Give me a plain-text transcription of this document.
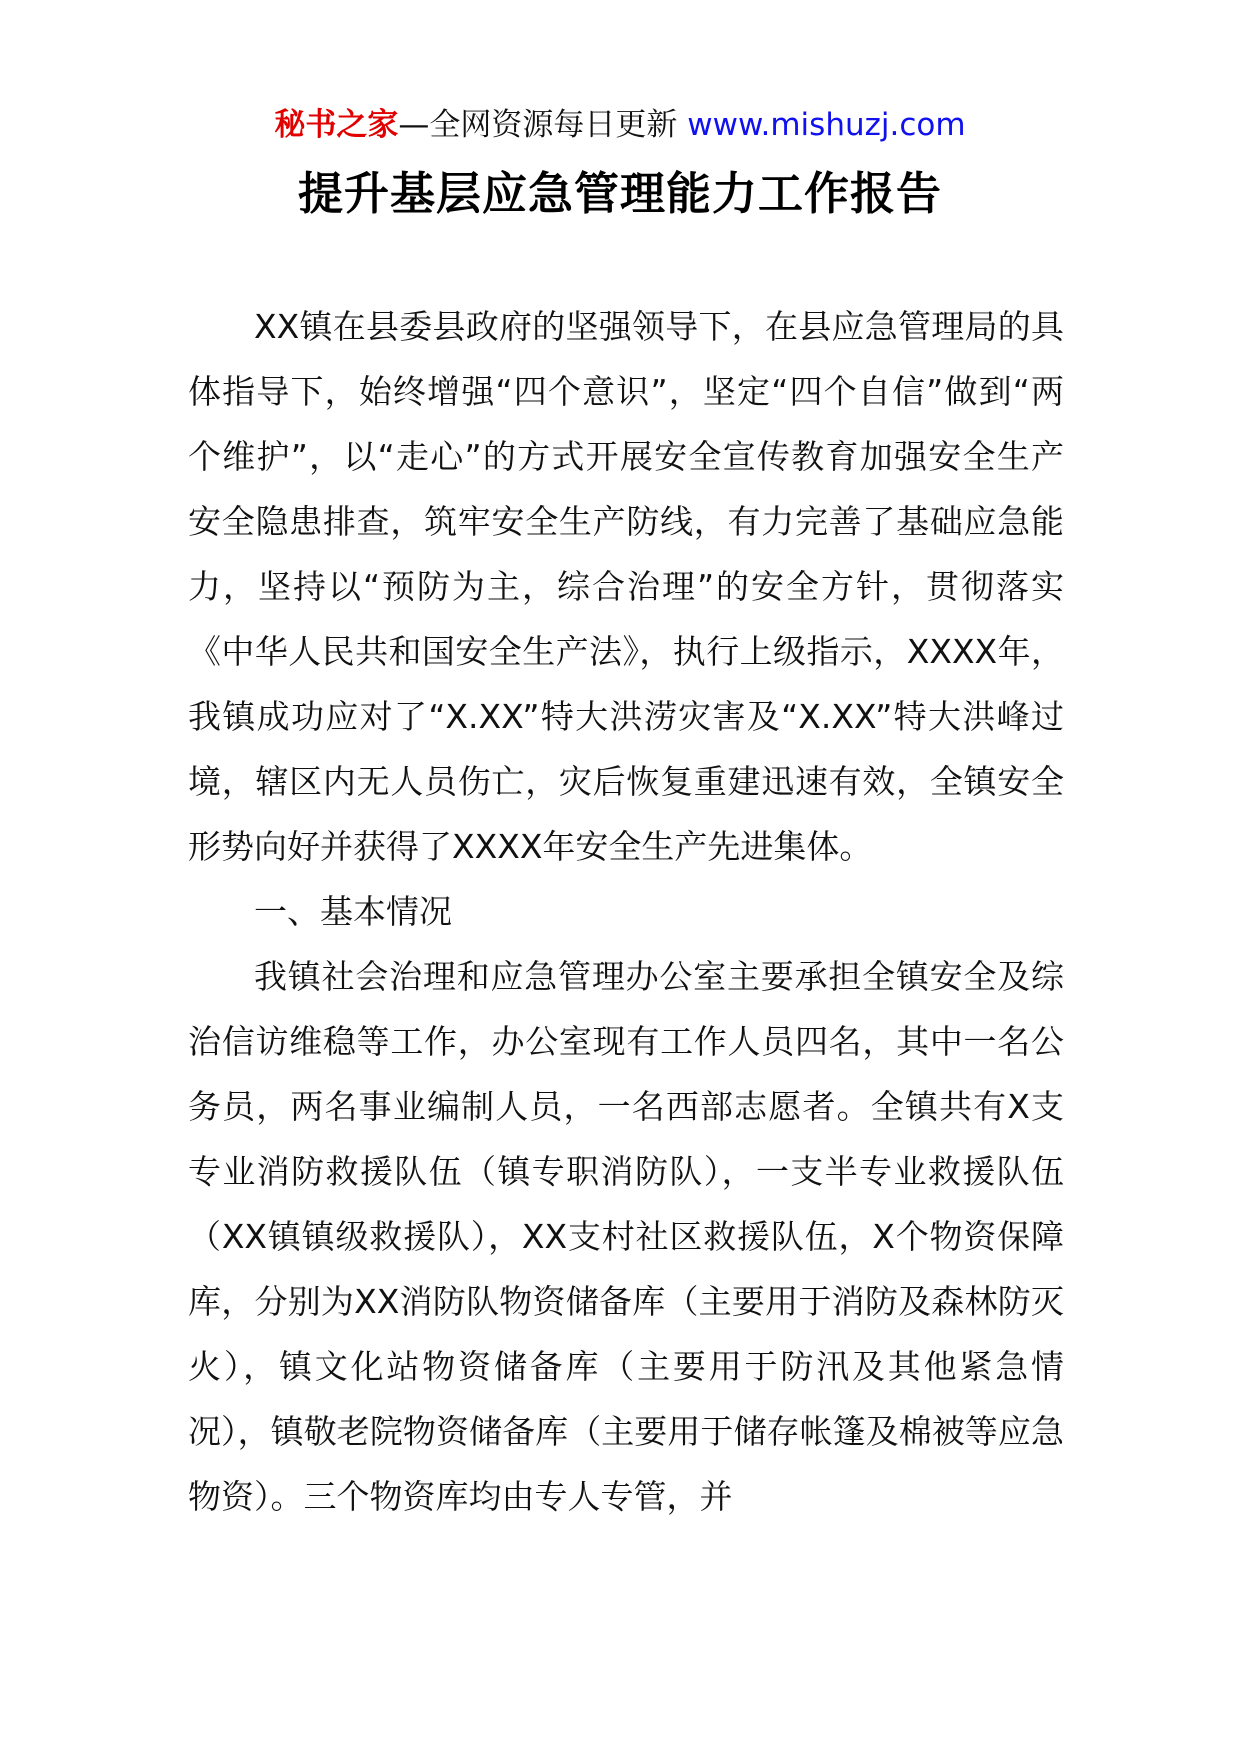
秘书之家—全网资源每日更新 www.mishuzj.com
提升基层应急管理能力工作报告

XX镇在县委县政府的坚强领导下，在县应急管理局的具体指导下，始终增强“四个意识”，坚定“四个自信”做到“两个维护”，以“走心”的方式开展安全宣传教育加强安全生产安全隐患排查，筑牢安全生产防线，有力完善了基础应急能力，坚持以“预防为主，综合治理”的安全方针，贯彻落实《中华人民共和国安全生产法》，执行上级指示，XXXX年，我镇成功应对了“X.XX”特大洪涝灾害及“X.XX”特大洪峰过境，辖区内无人员伤亡，灾后恢复重建迅速有效，全镇安全形势向好并获得了XXXX年安全生产先进集体。

一、基本情况

我镇社会治理和应急管理办公室主要承担全镇安全及综治信访维稳等工作，办公室现有工作人员四名，其中一名公务员，两名事业编制人员，一名西部志愿者。全镇共有X支专业消防救援队伍（镇专职消防队），一支半专业救援队伍（XX镇镇级救援队），XX支村社区救援队伍，X个物资保障库，分别为XX消防队物资储备库（主要用于消防及森林防灭火），镇文化站物资储备库（主要用于防汛及其他紧急情况），镇敬老院物资储备库（主要用于储存帐篷及棉被等应急物资）。三个物资库均由专人专管，并
